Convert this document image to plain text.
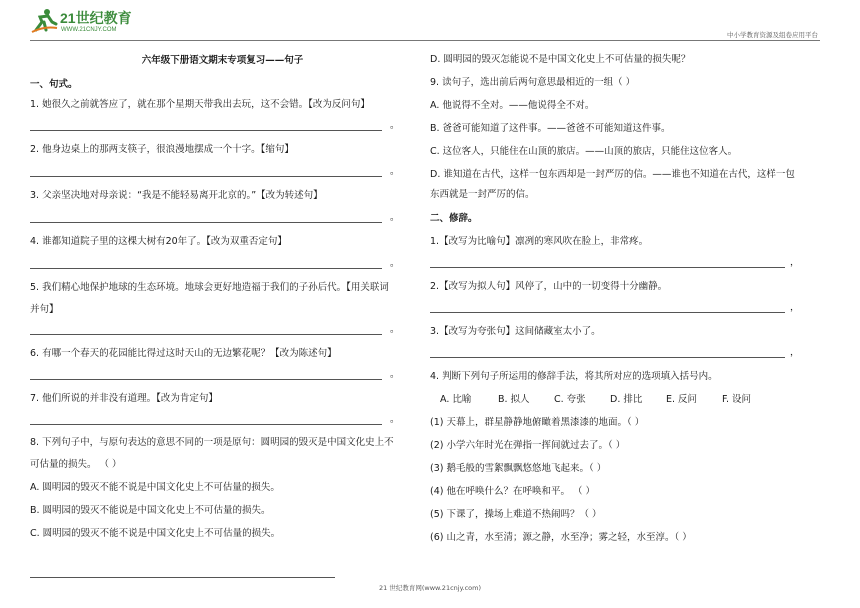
21世纪教育
WWW.21CNJY.COM
中小学教育资源及组卷应用平台
六年级下册语文期末专项复习——句子
一、句式。
1. 她很久之前就答应了，就在那个星期天带我出去玩，这不会错。【改为反问句】
。
2. 他身边桌上的那两支筷子，很浪漫地摆成一个十字。【缩句】
。
3. 父亲坚决地对母亲说：“我是不能轻易离开北京的。”【改为转述句】
。
4. 谁都知道院子里的这棵大树有20年了。【改为双重否定句】
。
5. 我们精心地保护地球的生态环境。地球会更好地造福于我们的子孙后代。【用关联词
并句】
。
6. 有哪一个春天的花园能比得过这时天山的无边繁花呢？【改为陈述句】
。
7. 他们所说的并非没有道理。【改为肯定句】
。
8. 下列句子中，与原句表达的意思不同的一项是原句：圆明园的毁灭是中国文化史上不
可估量的损失。 （ ）
A. 圆明园的毁灭不能不说是中国文化史上不可估量的损失。
B. 圆明园的毁灭不能说是中国文化史上不可估量的损失。
C. 圆明园的毁灭不能不说是中国文化史上不可估量的损失。
D. 圆明园的毁灭怎能说不是中国文化史上不可估量的损失呢？
9. 读句子，选出前后两句意思最相近的一组（ ）
A. 他说得不全对。——他说得全不对。
B. 爸爸可能知道了这件事。——爸爸不可能知道这件事。
C. 这位客人，只能住在山顶的旅店。——山顶的旅店，只能住这位客人。
D. 谁知道在古代，这样一包东西却是一封严厉的信。——谁也不知道在古代，这样一包
东西就是一封严厉的信。
二、修辞。
1.【改写为比喻句】凛冽的寒风吹在脸上，非常疼。
，
2.【改写为拟人句】风停了，山中的一切变得十分幽静。
，
3.【改写为夸张句】这间储藏室太小了。
，
4. 判断下列句子所运用的修辞手法，将其所对应的选项填入括号内。
A. 比喻	B. 拟人	C. 夸张	D. 排比 E. 反问	F. 设问
(1) 天幕上，群星静静地俯瞰着黑漆漆的地面。（ ）
(2) 小学六年时光在弹指一挥间就过去了。（ ）
(3) 鹅毛般的雪絮飘飘悠悠地飞起来。（ ）
(4) 他在呼唤什么？在呼唤和平。 （ ）
(5) 下课了，操场上难道不热闹吗？（ ）
(6) 山之青，水至清；源之静，水至净；雾之轻，水至淳。（ ）
21 世纪教育网(www.21cnjy.com)
